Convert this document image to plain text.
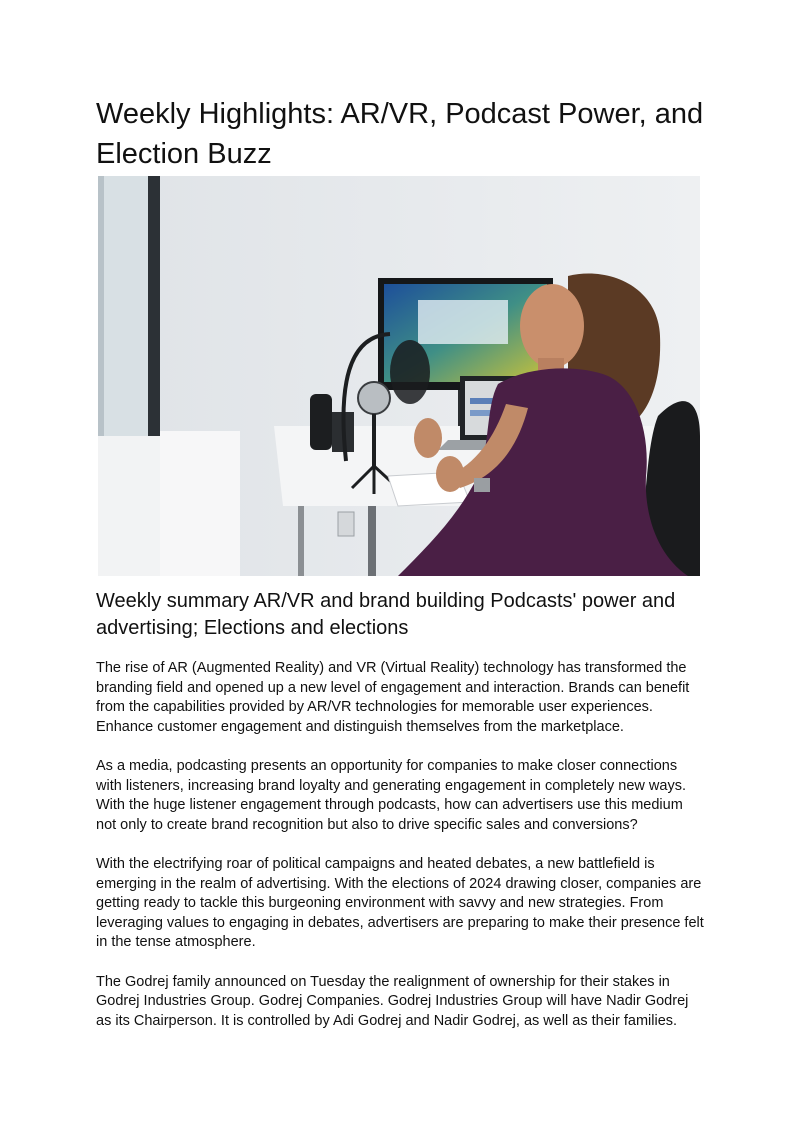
Weekly Highlights: AR/VR, Podcast Power, and Election Buzz
Weekly summary AR/VR and brand building Podcasts' power and advertising; Elections and elections

The rise of AR (Augmented Reality) and VR (Virtual Reality) technology has transformed the branding field and opened up a new level of engagement and interaction. Brands can benefit from the capabilities provided by AR/VR technologies for memorable user experiences. Enhance customer engagement and distinguish themselves from the marketplace.

As a media, podcasting presents an opportunity for companies to make closer connections with listeners, increasing brand loyalty and generating engagement in completely new ways. With the huge listener engagement through podcasts, how can advertisers use this medium not only to create brand recognition but also to drive specific sales and conversions?

With the electrifying roar of political campaigns and heated debates, a new battlefield is emerging in the realm of advertising. With the elections of 2024 drawing closer, companies are getting ready to tackle this burgeoning environment with savvy and new strategies. From leveraging values to engaging in debates, advertisers are preparing to make their presence felt in the tense atmosphere.

The Godrej family announced on Tuesday the realignment of ownership for their stakes in Godrej Industries Group. Godrej Companies. Godrej Industries Group will have Nadir Godrej as its Chairperson. It is controlled by Adi Godrej and Nadir Godrej, as well as their families.
